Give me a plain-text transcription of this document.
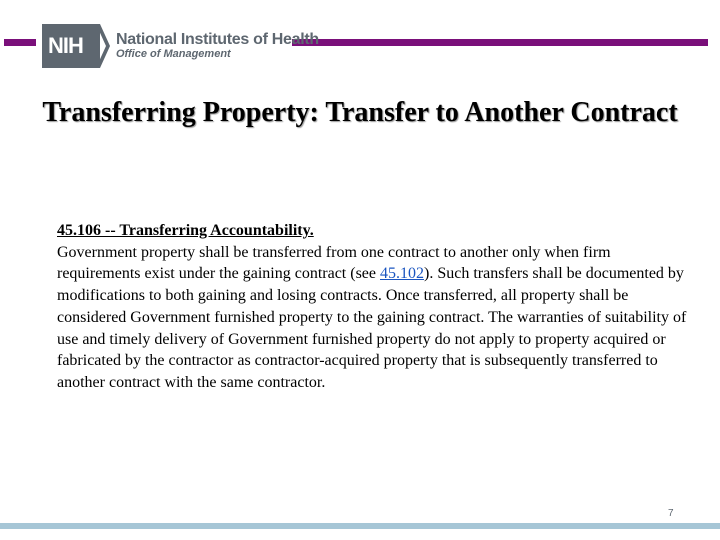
NIH National Institutes of Health
Office of Management
Transferring Property: Transfer to Another Contract
45.106 -- Transferring Accountability.
Government property shall be transferred from one contract to another only when firm requirements exist under the gaining contract (see 45.102). Such transfers shall be documented by modifications to both gaining and losing contracts. Once transferred, all property shall be considered Government furnished property to the gaining contract. The warranties of suitability of use and timely delivery of Government furnished property do not apply to property acquired or fabricated by the contractor as contractor-acquired property that is subsequently transferred to another contract with the same contractor.
7
